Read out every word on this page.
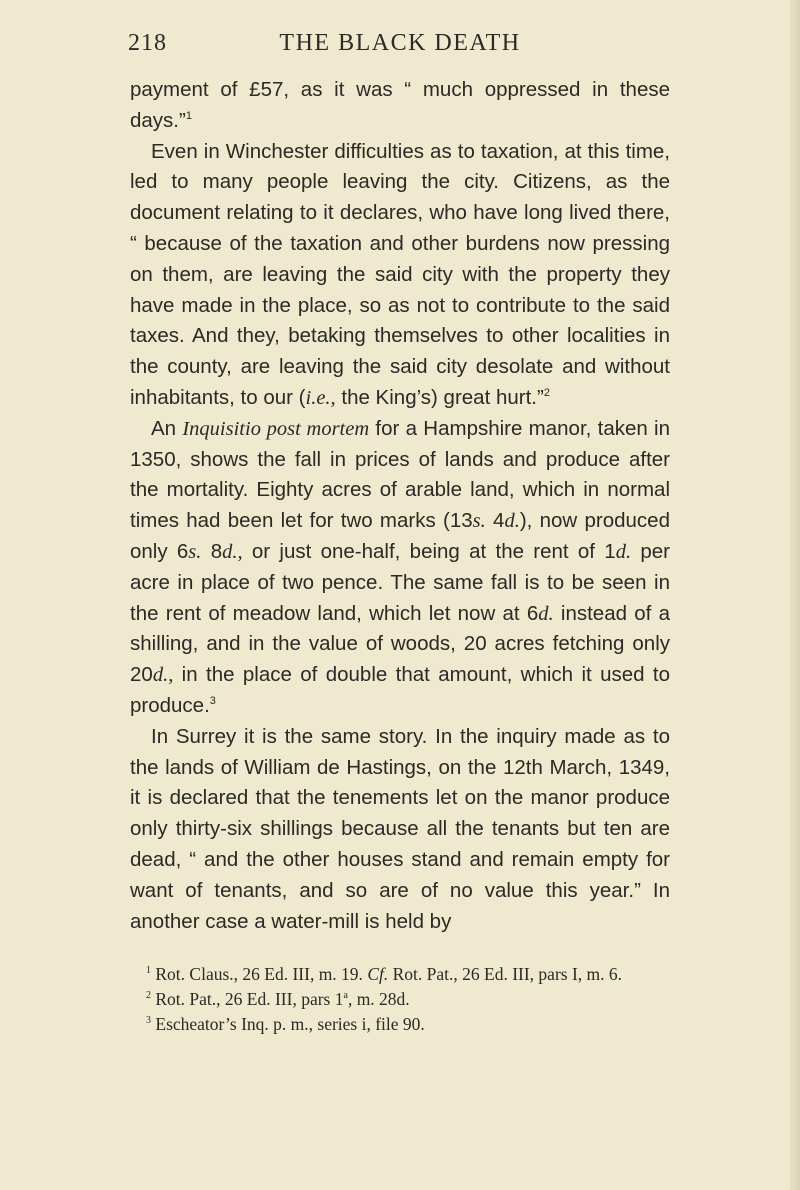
218	THE BLACK DEATH

payment of £57, as it was “ much oppressed in these days.”$^1$

Even in Winchester difficulties as to taxation, at this time, led to many people leaving the city. Citizens, as the document relating to it declares, who have long lived there, “ because of the taxation and other burdens now pressing on them, are leaving the said city with the property they have made in the place, so as not to contribute to the said taxes. And they, betaking themselves to other localities in the county, are leaving the said city desolate and without inhabitants, to our (i.e., the King’s) great hurt.”$^2$

An Inquisitio post mortem for a Hampshire manor, taken in 1350, shows the fall in prices of lands and produce after the mortality. Eighty acres of arable land, which in normal times had been let for two marks (13s. 4d.), now produced only 6s. 8d., or just one-half, being at the rent of 1d. per acre in place of two pence. The same fall is to be seen in the rent of meadow land, which let now at 6d. instead of a shilling, and in the value of woods, 20 acres fetching only 20d., in the place of double that amount, which it used to produce.$^3$

In Surrey it is the same story. In the inquiry made as to the lands of William de Hastings, on the 12th March, 1349, it is declared that the tenements let on the manor produce only thirty-six shillings because all the tenants but ten are dead, “ and the other houses stand and remain empty for want of tenants, and so are of no value this year.” In another case a water-mill is held by

$^1$ Rot. Claus., 26 Ed. III, m. 19. Cf. Rot. Pat., 26 Ed. III, pars I, m. 6.

$^2$ Rot. Pat., 26 Ed. III, pars 1$^a$, m. 28d.

$^3$ Escheator’s Inq. p. m., series i, file 90.
